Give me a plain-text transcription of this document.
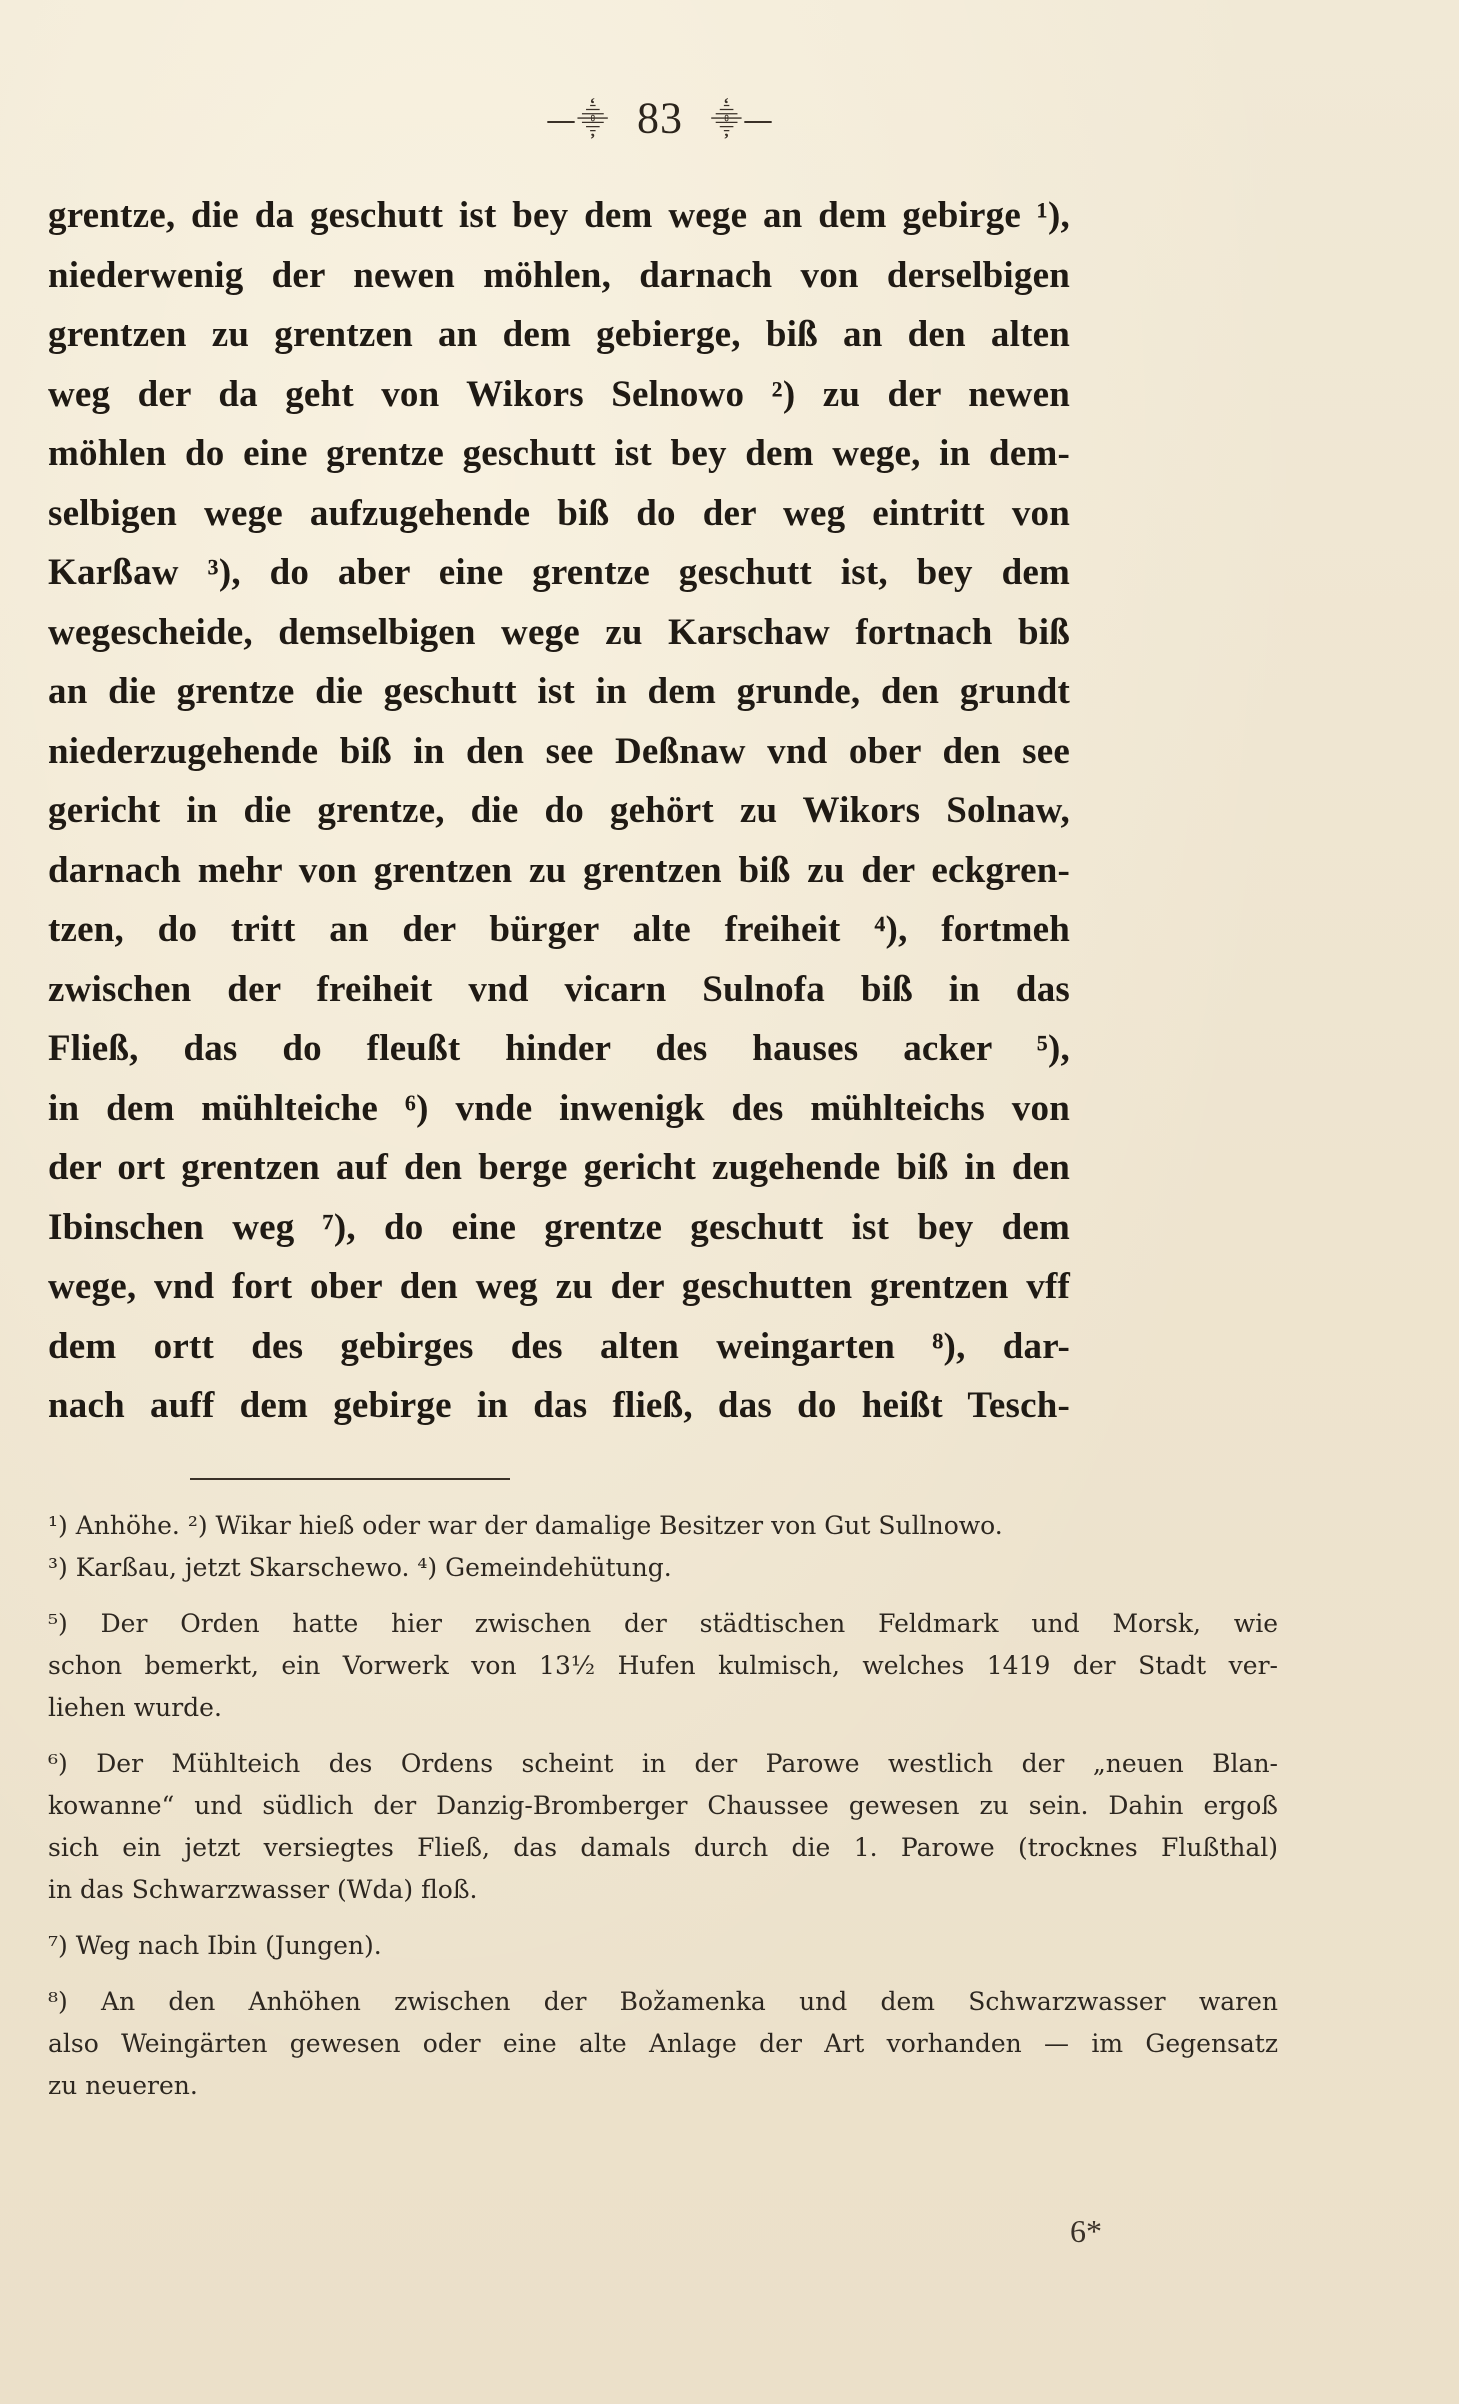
—⸎ 83 ⸎—
grentze, die da geschutt ist bey dem wege an dem gebirge ¹),
niederwenig der newen möhlen, darnach von derselbigen
grentzen zu grentzen an dem gebierge, biß an den alten
weg der da geht von Wikors Selnowo ²) zu der newen
möhlen do eine grentze geschutt ist bey dem wege, in dem-
selbigen wege aufzugehende biß do der weg eintritt von
Karßaw ³), do aber eine grentze geschutt ist, bey dem
wegescheide, demselbigen wege zu Karschaw fortnach biß
an die grentze die geschutt ist in dem grunde, den grundt
niederzugehende biß in den see Deßnaw vnd ober den see
gericht in die grentze, die do gehört zu Wikors Solnaw,
darnach mehr von grentzen zu grentzen biß zu der eckgren-
tzen, do tritt an der bürger alte freiheit ⁴), fortmeh
zwischen der freiheit vnd vicarn Sulnofa biß in das
Fließ, das do fleußt hinder des hauses acker ⁵),
in dem mühlteiche ⁶) vnde inwenigk des mühlteichs von
der ort grentzen auf den berge gericht zugehende biß in den
Ibinschen weg ⁷), do eine grentze geschutt ist bey dem
wege, vnd fort ober den weg zu der geschutten grentzen vff
dem ortt des gebirges des alten weingarten ⁸), dar-
nach auff dem gebirge in das fließ, das do heißt Tesch-
¹) Anhöhe. ²) Wikar hieß oder war der damalige Besitzer von Gut Sullnowo.
³) Karßau, jetzt Skarschewo. ⁴) Gemeindehütung.
⁵) Der Orden hatte hier zwischen der städtischen Feldmark und Morsk, wie
schon bemerkt, ein Vorwerk von 13½ Hufen kulmisch, welches 1419 der Stadt ver-
liehen wurde.
⁶) Der Mühlteich des Ordens scheint in der Parowe westlich der „neuen Blan-
kowanne“ und südlich der Danzig-Bromberger Chaussee gewesen zu sein. Dahin ergoß
sich ein jetzt versiegtes Fließ, das damals durch die 1. Parowe (trocknes Flußthal)
in das Schwarzwasser (Wda) floß.
⁷) Weg nach Ibin (Jungen).
⁸) An den Anhöhen zwischen der Božamenka und dem Schwarzwasser waren
also Weingärten gewesen oder eine alte Anlage der Art vorhanden — im Gegensatz
zu neueren.
6*
